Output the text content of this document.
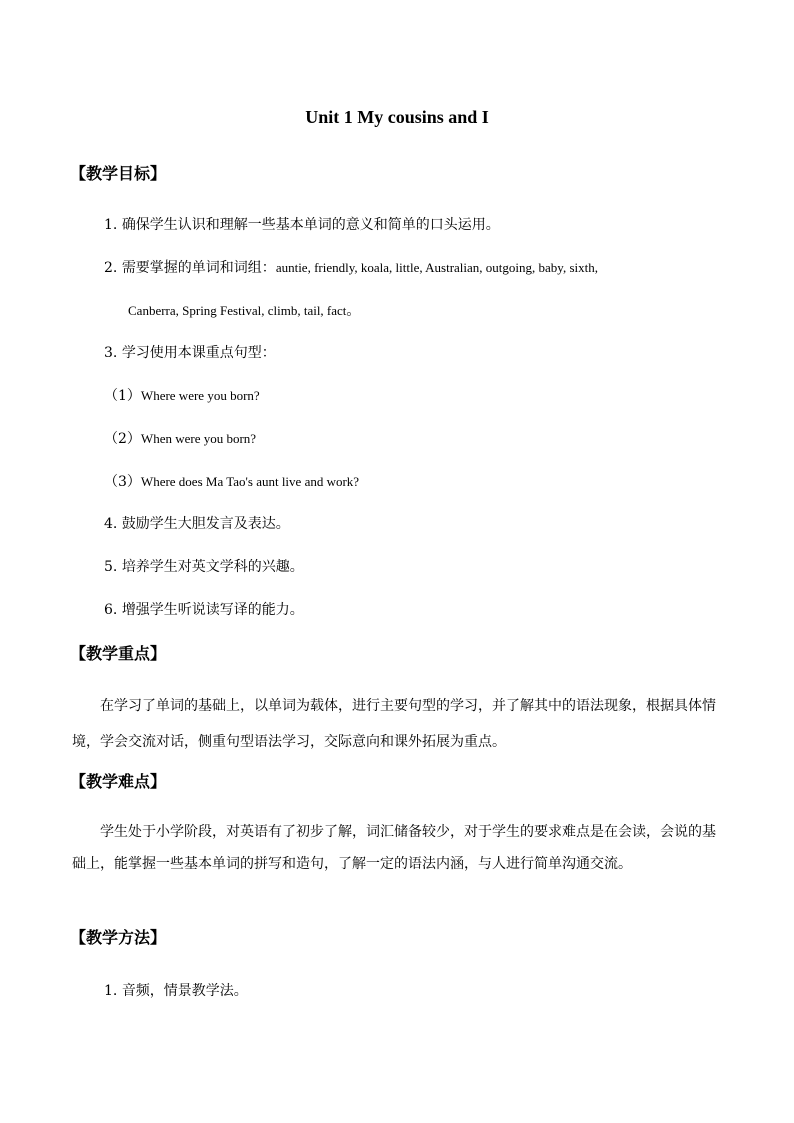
Unit 1 My cousins and I
【教学目标】
1. 确保学生认识和理解一些基本单词的意义和简单的口头运用。
2. 需要掌握的单词和词组：auntie, friendly, koala, little, Australian, outgoing, baby, sixth,
Canberra, Spring Festival, climb, tail, fact。
3. 学习使用本课重点句型：
（1）Where were you born?
（2）When were you born?
（3）Where does Ma Tao's aunt live and work?
4. 鼓励学生大胆发言及表达。
5. 培养学生对英文学科的兴趣。
6. 增强学生听说读写译的能力。
【教学重点】
在学习了单词的基础上，以单词为载体，进行主要句型的学习，并了解其中的语法现象，根据具体情境，学会交流对话，侧重句型语法学习，交际意向和课外拓展为重点。
【教学难点】
学生处于小学阶段，对英语有了初步了解，词汇储备较少，对于学生的要求难点是在会读，会说的基础上，能掌握一些基本单词的拼写和造句，了解一定的语法内涵，与人进行简单沟通交流。
【教学方法】
1. 音频，情景教学法。
